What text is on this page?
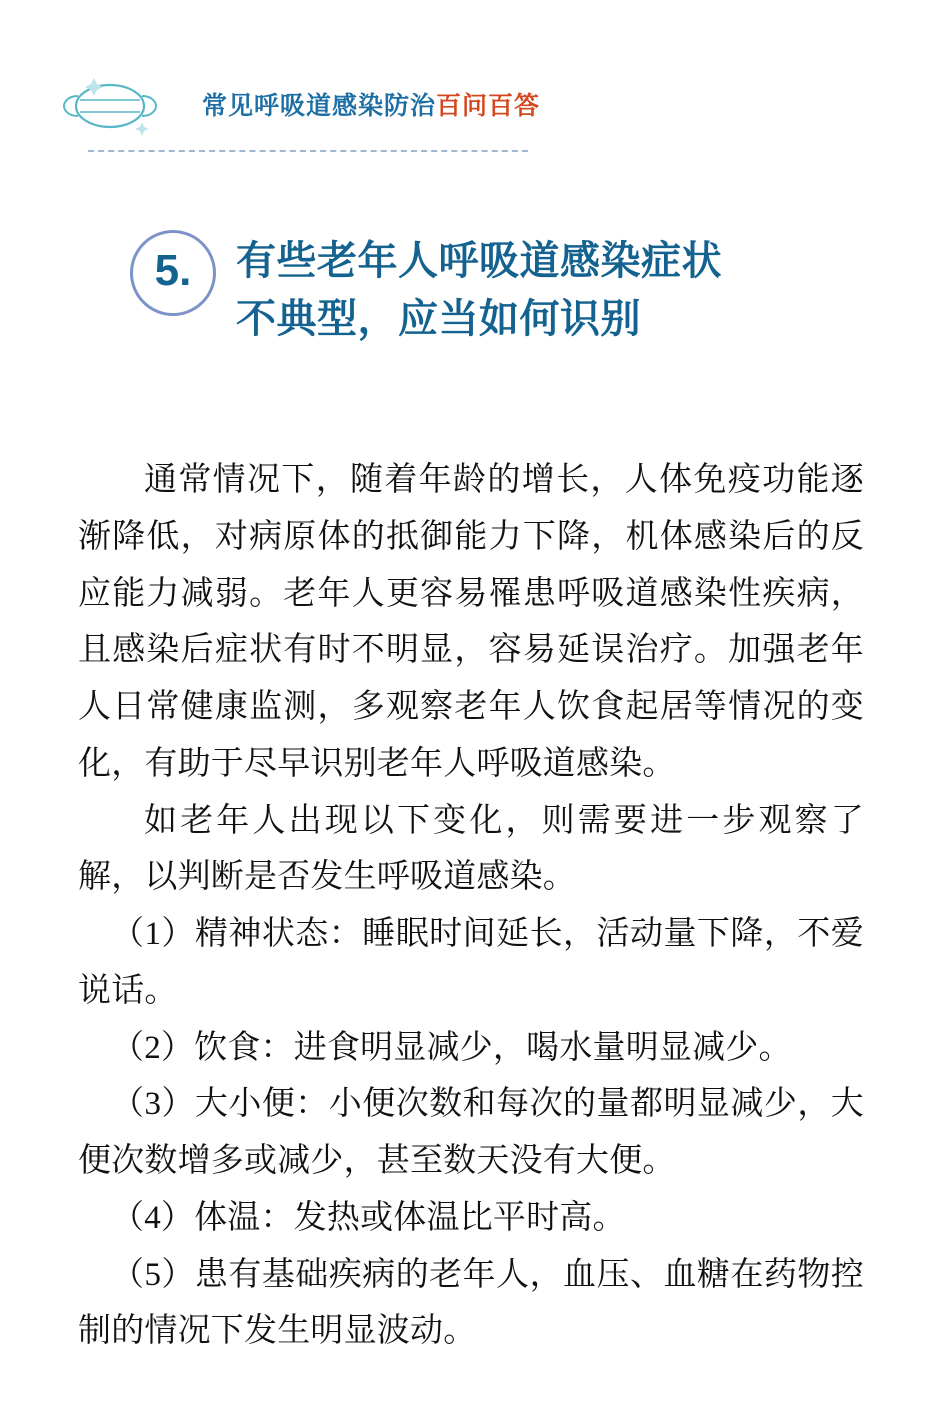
常见呼吸道感染防治百问百答
5. 有些老年人呼吸道感染症状
不典型，应当如何识别

通常情况下，随着年龄的增长，人体免疫功能逐渐降低，对病原体的抵御能力下降，机体感染后的反应能力减弱。老年人更容易罹患呼吸道感染性疾病，且感染后症状有时不明显，容易延误治疗。加强老年人日常健康监测，多观察老年人饮食起居等情况的变化，有助于尽早识别老年人呼吸道感染。

如老年人出现以下变化，则需要进一步观察了解，以判断是否发生呼吸道感染。

（1）精神状态：睡眠时间延长，活动量下降，不爱说话。

（2）饮食：进食明显减少，喝水量明显减少。

（3）大小便：小便次数和每次的量都明显减少，大便次数增多或减少，甚至数天没有大便。

（4）体温：发热或体温比平时高。

（5）患有基础疾病的老年人，血压、血糖在药物控制的情况下发生明显波动。
